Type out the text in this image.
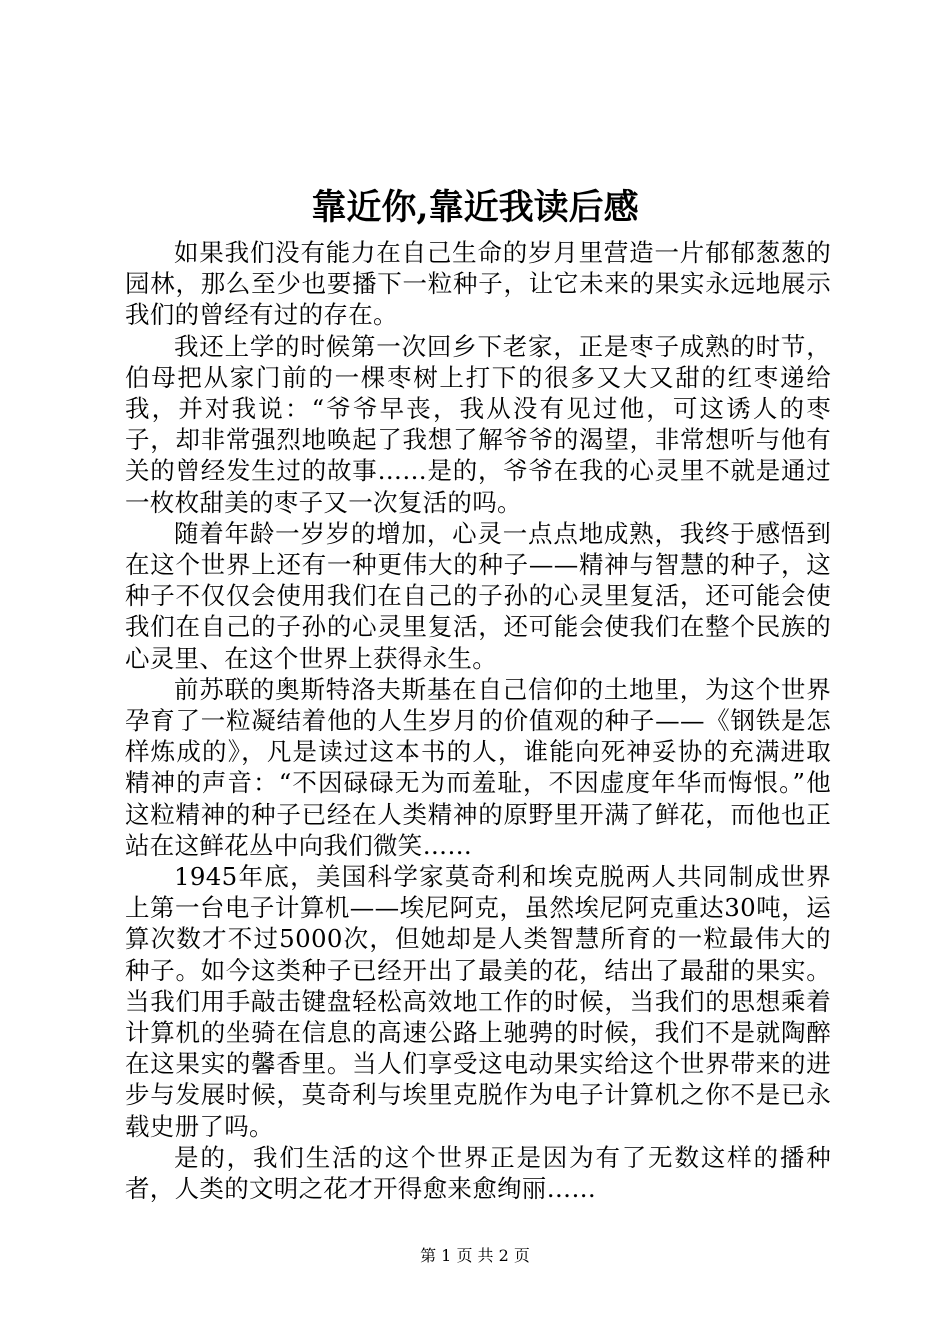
靠近你,靠近我读后感

如果我们没有能力在自己生命的岁月里营造一片郁郁葱葱的园林，那么至少也要播下一粒种子，让它未来的果实永远地展示我们的曾经有过的存在。

我还上学的时候第一次回乡下老家，正是枣子成熟的时节，伯母把从家门前的一棵枣树上打下的很多又大又甜的红枣递给我，并对我说：“爷爷早丧，我从没有见过他，可这诱人的枣子，却非常强烈地唤起了我想了解爷爷的渴望，非常想听与他有关的曾经发生过的故事……是的，爷爷在我的心灵里不就是通过一枚枚甜美的枣子又一次复活的吗。

随着年龄一岁岁的增加，心灵一点点地成熟，我终于感悟到在这个世界上还有一种更伟大的种子——精神与智慧的种子，这种子不仅仅会使用我们在自己的子孙的心灵里复活，还可能会使我们在自己的子孙的心灵里复活，还可能会使我们在整个民族的心灵里、在这个世界上获得永生。

前苏联的奥斯特洛夫斯基在自己信仰的土地里，为这个世界孕育了一粒凝结着他的人生岁月的价值观的种子——《钢铁是怎样炼成的》，凡是读过这本书的人，谁能向死神妥协的充满进取精神的声音：“不因碌碌无为而羞耻，不因虚度年华而悔恨。”他这粒精神的种子已经在人类精神的原野里开满了鲜花，而他也正站在这鲜花丛中向我们微笑……

1945年底，美国科学家莫奇利和埃克脱两人共同制成世界上第一台电子计算机——埃尼阿克，虽然埃尼阿克重达30吨，运算次数才不过5000次，但她却是人类智慧所育的一粒最伟大的种子。如今这类种子已经开出了最美的花，结出了最甜的果实。当我们用手敲击键盘轻松高效地工作的时候，当我们的思想乘着计算机的坐骑在信息的高速公路上驰骋的时候，我们不是就陶醉在这果实的馨香里。当人们享受这电动果实给这个世界带来的进步与发展时候，莫奇利与埃里克脱作为电子计算机之你不是已永载史册了吗。

是的，我们生活的这个世界正是因为有了无数这样的播种者，人类的文明之花才开得愈来愈绚丽……

第 1 页 共 2 页
